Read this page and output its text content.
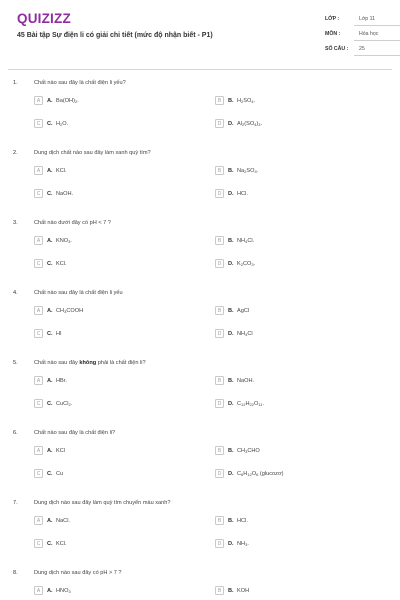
QUIZIZZ
45 Bài tập Sự điện li có giải chi tiết (mức độ nhận biết - P1)
LỚP :	Lớp 11
MÔN :	Hóa học
SỐ CÂU : 25
1.	Chất nào sau đây là chất điện li yếu?
A	A. $Ba(OH)_2$.	B	B. $H_2SO_4$.
C	C. $H_2O$.	D	D. $Al_2(SO_4)_3$.
2.	Dung dịch chất nào sau đây làm xanh quỳ tím?
A	A. KCl.	B	B. $Na_2SO_4$.
C	C. NaOH.	D	D. HCl.
3.	Chất nào dưới đây có pH < 7 ?
A	A. $KNO_3$.	B	B. $NH_4Cl$.
C	C. KCl.	D	D. $K_2CO_3$.
4.	Chất nào sau đây là chất điện li yếu
A	A. $CH_3COOH$	B	B. AgCl
C	C. HI	D	D. $NH_4Cl$
5.	Chất nào sau đây không phải là chất điện li?
A	A. HBr.	B	B. NaOH.
C	C. CuCl$_2$.	D	D. $C_{12}H_{22}O_{11}$.
6.	Chất nào sau đây là chất điện li?
A	A. KCl	B	B. $CH_3CHO$
C	C. Cu	D	D. $C_6H_{12}O_6$ (glucozơ)
7.	Dung dịch nào sau đây làm quỳ tím chuyển màu xanh?
A	A. NaCl.	B	B. HCl.
C	C. KCl.	D	D. $NH_3$.
8.	Dung dịch nào sau đây có pH > 7 ?
A	A. $HNO_3$	B	B. KOH
